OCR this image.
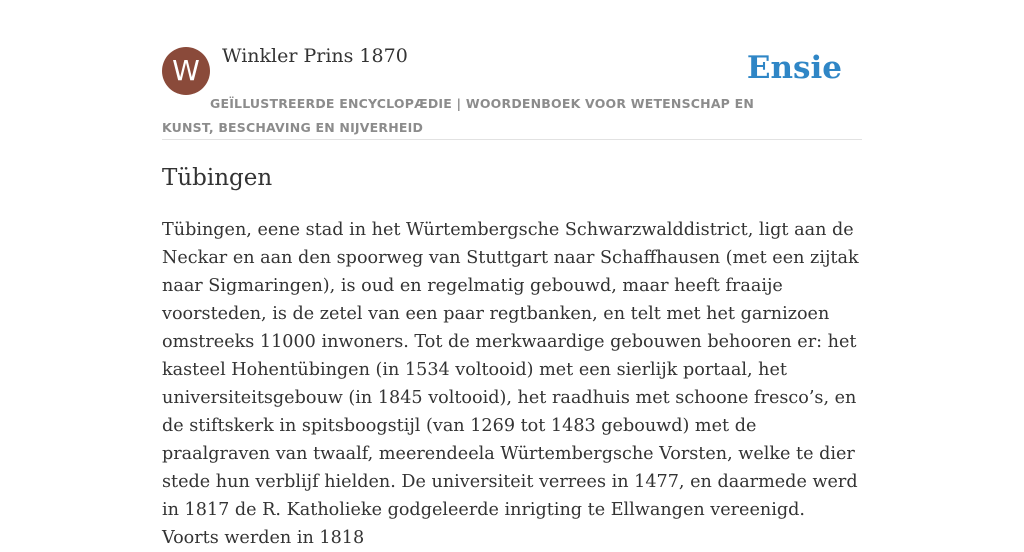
W	Winkler Prins 1870	Ensie
GEÏLLUSTREERDE ENCYCLOPÆDIE | WOORDENBOEK VOOR WETENSCHAP EN KUNST, BESCHAVING EN NIJVERHEID
Tübingen

Tübingen, eene stad in het Würtembergsche Schwarzwalddistrict, ligt aan de Neckar en aan den spoorweg van Stuttgart naar Schaffhausen (met een zijtak naar Sigmaringen), is oud en regelmatig gebouwd, maar heeft fraaije voorsteden, is de zetel van een paar regtbanken, en telt met het garnizoen omstreeks 11000 inwoners. Tot de merkwaardige gebouwen behooren er: het kasteel Hohentübingen (in 1534 voltooid) met een sierlijk portaal, het universiteitsgebouw (in 1845 voltooid), het raadhuis met schoone fresco’s, en de stiftskerk in spitsboogstijl (van 1269 tot 1483 gebouwd) met de praalgraven van twaalf, meerendeela Würtembergsche Vorsten, welke te dier stede hun verblijf hielden. De universiteit verrees in 1477, en daarmede werd in 1817 de R. Katholieke godgeleerde inrigting te Ellwangen vereenigd. Voorts werden in 1818
